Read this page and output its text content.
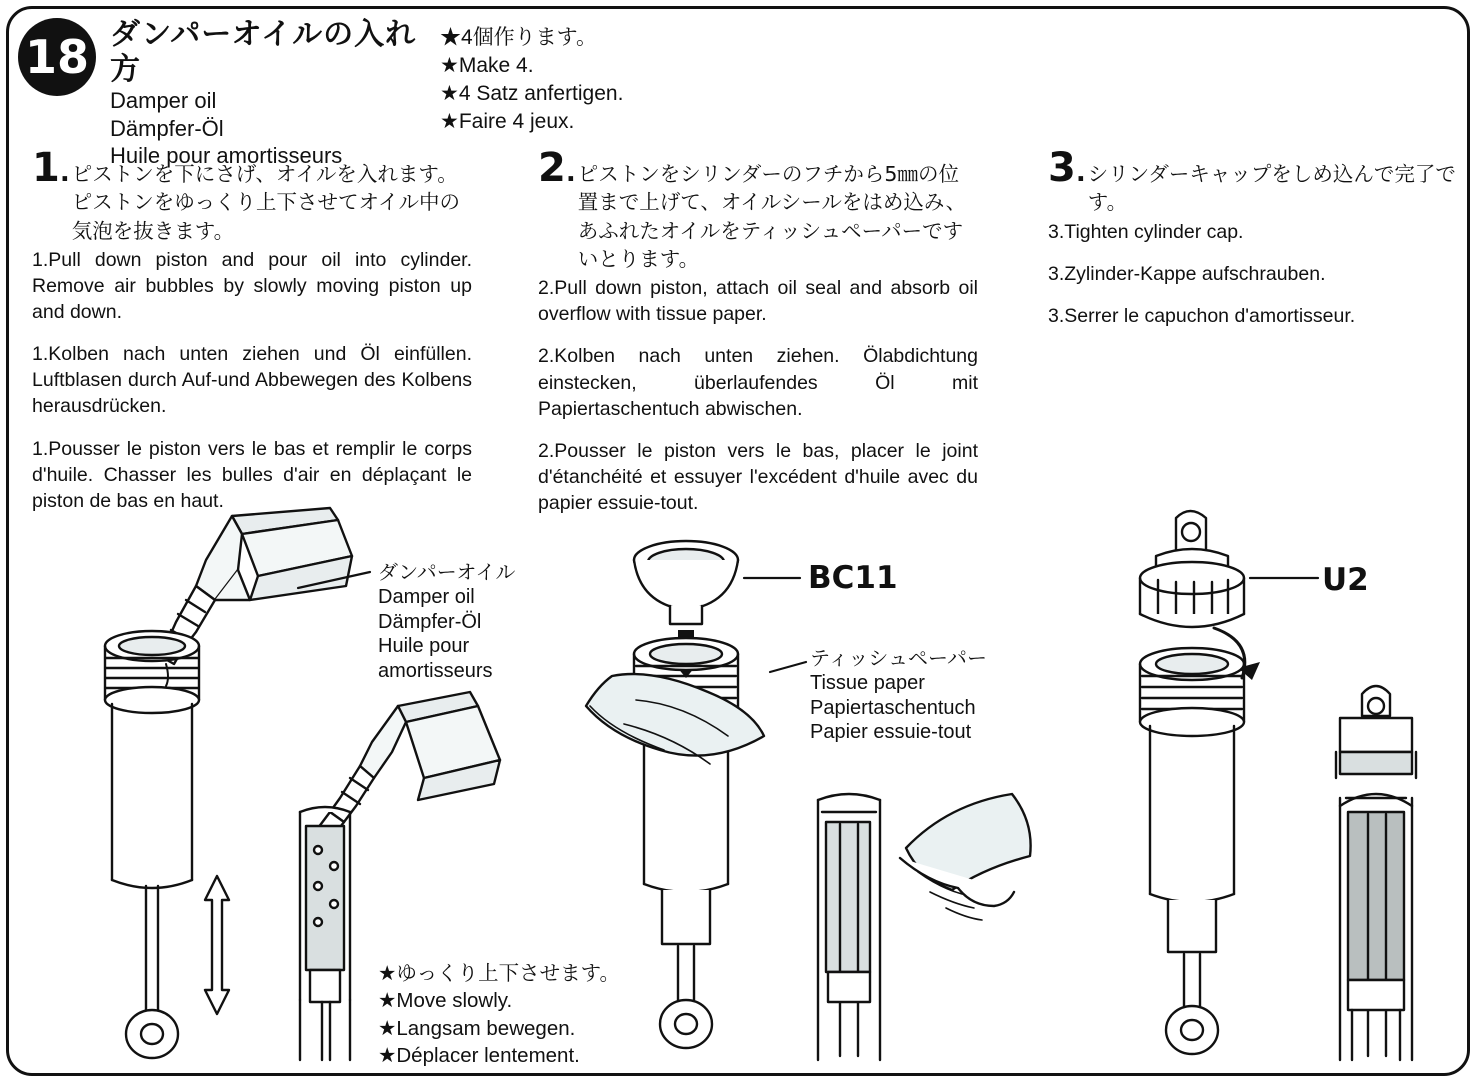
18 ダンパーオイルの入れ方
Damper oil
Dämpfer-Öl
Huile pour amortisseurs
★4個作ります。
★Make 4.
★4 Satz anfertigen.
★Faire 4 jeux.
1. ピストンを下にさげ、オイルを入れます。ピストンをゆっくり上下させてオイル中の気泡を抜きます。
1.Pull down piston and pour oil into cylinder. Remove air bubbles by slowly moving piston up and down.
1.Kolben nach unten ziehen und Öl einfüllen. Luftblasen durch Auf-und Abbewegen des Kolbens herausdrücken.
1.Pousser le piston vers le bas et remplir le corps d'huile. Chasser les bulles d'air en déplaçant le piston de bas en haut.
2. ピストンをシリンダーのフチから5㎜の位置まで上げて、オイルシールをはめ込み、あふれたオイルをティッシュペーパーですいとります。
2.Pull down piston, attach oil seal and absorb oil overflow with tissue paper.
2.Kolben nach unten ziehen. Ölabdichtung einstecken, überlaufendes Öl mit Papiertaschentuch abwischen.
2.Pousser le piston vers le bas, placer le joint d'étanchéité et essuyer l'excédent d'huile avec du papier essuie-tout.
3. シリンダーキャップをしめ込んで完了です。
3.Tighten cylinder cap.
3.Zylinder-Kappe aufschrauben.
3.Serrer le capuchon d'amortisseur.
ダンパーオイル
Damper oil
Dämpfer-Öl
Huile pour
amortisseurs
BC11	U2
ティッシュペーパー
Tissue paper
Papiertaschentuch
Papier essuie-tout
★ゆっくり上下させます。
★Move slowly.
★Langsam bewegen.
★Déplacer lentement.
